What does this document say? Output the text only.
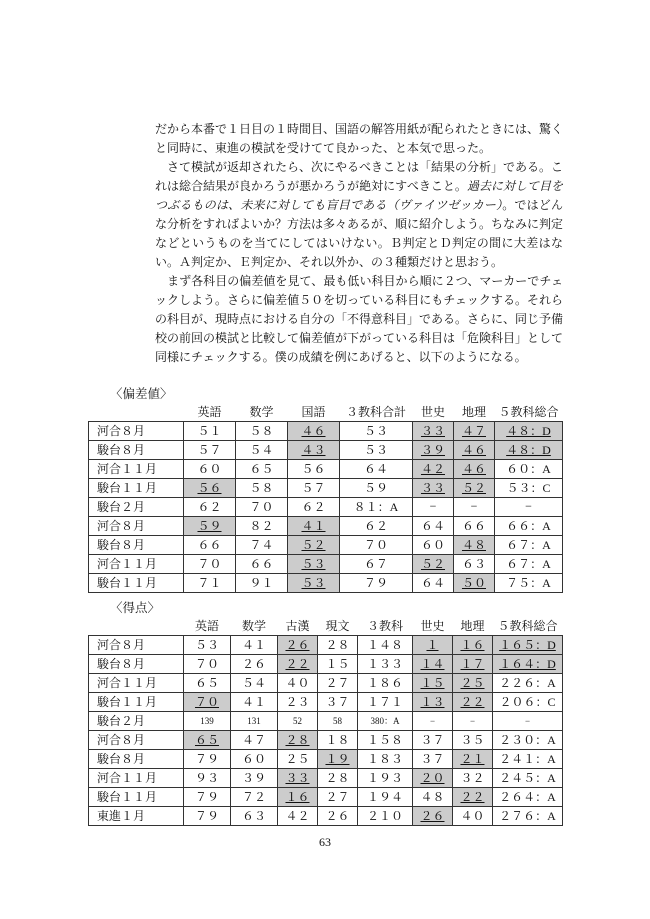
だから本番で１日目の１時間目、国語の解答用紙が配られたときには、驚くと同時に、東進の模試を受けてて良かった、と本気で思った。

　さて模試が返却されたら、次にやるべきことは「結果の分析」である。これは総合結果が良かろうが悪かろうが絶対にすべきこと。過去に対して目をつぶるものは、未来に対しても盲目である（ヴァイツゼッカー）。ではどんな分析をすればよいか？方法は多々あるが、順に紹介しよう。ちなみに判定などというものを当てにしてはいけない。Ｂ判定とＤ判定の間に大差はない。Ａ判定か、Ｅ判定か、それ以外か、の３種類だけと思おう。

　まず各科目の偏差値を見て、最も低い科目から順に２つ、マーカーでチェックしよう。さらに偏差値５０を切っている科目にもチェックする。それらの科目が、現時点における自分の「不得意科目」である。さらに、同じ予備校の前回の模試と比較して偏差値が下がっている科目は「危険科目」として同様にチェックする。僕の成績を例にあげると、以下のようになる。

〈偏差値〉
	英語	数学	国語	３教科合計	世史	地理	５教科総合
河合８月	５１	５８	４６	５３	３３	４７	４８：D
駿台８月	５７	５４	４３	５３	３９	４６	４８：D
河合１１月	６０	６５	５６	６４	４２	４６	６０：A
駿台１１月	５６	５８	５７	５９	３３	５２	５３：C
駿台２月	６２	７０	６２	８１：A	−	−	−
河合８月	５９	８２	４１	６２	６４	６６	６６：A
駿台８月	６６	７４	５２	７０	６０	４８	６７：A
河合１１月	７０	６６	５３	６７	５２	６３	６７：A
駿台１１月	７１	９１	５３	７９	６４	５０	７５：A
〈得点〉
	英語	数学	古漢	現文	３教科	世史	地理	５教科総合
河合８月	５３	４１	２６	２８	１４８	１	１６	１６５：D
駿台８月	７０	２６	２２	１５	１３３	１４	１７	１６４：D
河合１１月	６５	５４	４０	２７	１８６	１５	２５	２２６：A
駿台１１月	７０	４１	２３	３７	１７１	１３	２２	２０６：C
駿台２月	139	131	52	58	380：A	−	−	−
河合８月	６５	４７	２８	１８	１５８	３７	３５	２３０：A
駿台８月	７９	６０	２５	１９	１８３	３７	２１	２４１：A
河合１１月	９３	３９	３３	２８	１９３	２０	３２	２４５：A
駿台１１月	７９	７２	１６	２７	１９４	４８	２２	２６４：A
東進１月	７９	６３	４２	２６	２１０	２６	４０	２７６：A
63
